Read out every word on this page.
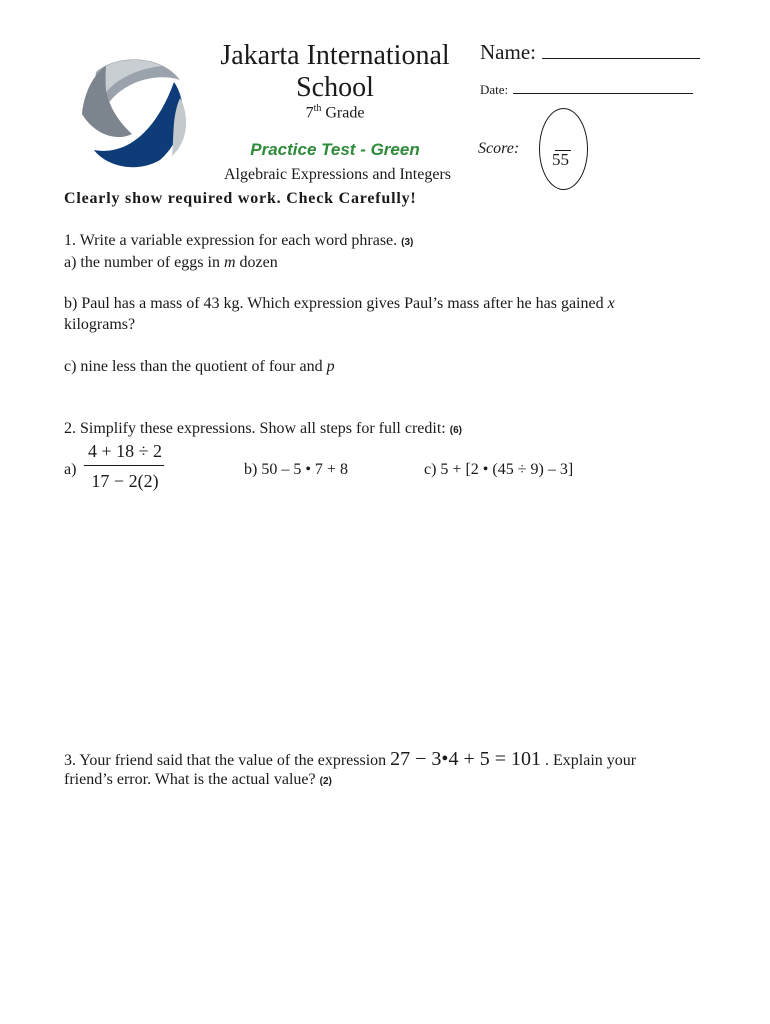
Jakarta International School
7th Grade
Practice Test - Green
Algebraic Expressions and Integers
Name:
Date:
Score:
55
Clearly show required work. Check Carefully!
1. Write a variable expression for each word phrase. (3)
a) the number of eggs in m dozen
b) Paul has a mass of 43 kg. Which expression gives Paul’s mass after he has gained x
kilograms?
c) nine less than the quotient of four and p
2. Simplify these expressions. Show all steps for full credit: (6)
a)
4 + 18 ÷ 2
17 − 2(2)
b) 50 – 5 • 7 + 8	c) 5 + [2 • (45 ÷ 9) – 3]
3. Your friend said that the value of the expression 27 − 3•4 + 5 = 101 . Explain your
friend’s error. What is the actual value? (2)
